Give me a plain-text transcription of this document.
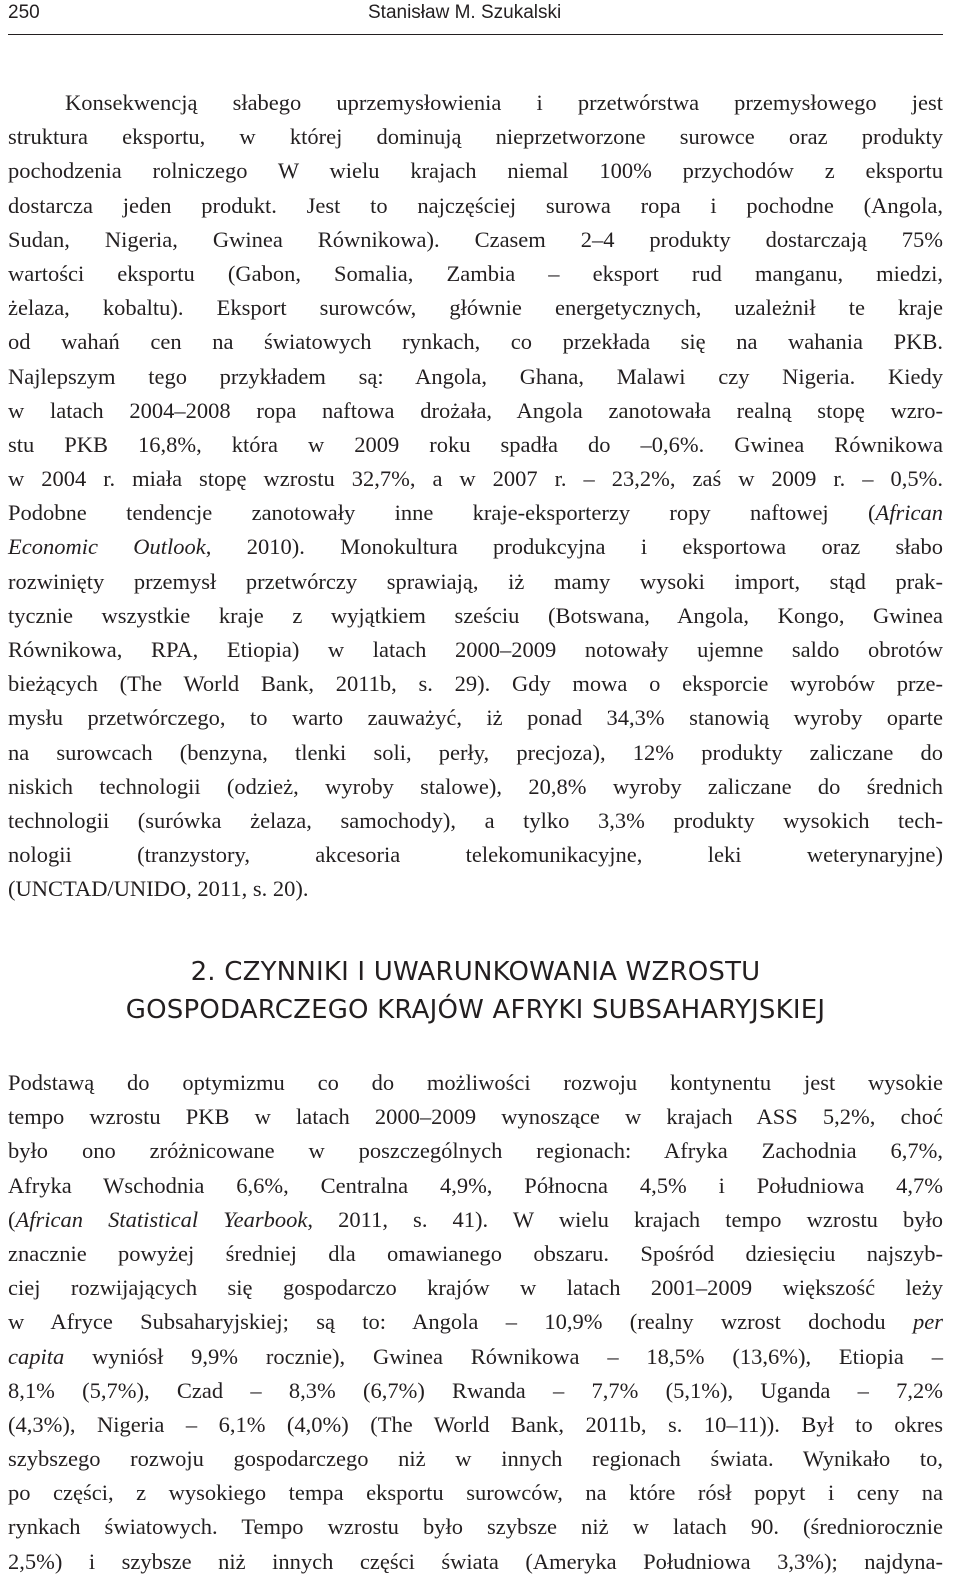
250	Stanisław M. Szukalski

Konsekwencją słabego uprzemysłowienia i przetwórstwa przemysłowego jest
struktura eksportu, w której dominują nieprzetworzone surowce oraz produkty
pochodzenia rolniczego W wielu krajach niemal 100% przychodów z eksportu
dostarcza jeden produkt. Jest to najczęściej surowa ropa i pochodne (Angola,
Sudan, Nigeria, Gwinea Równikowa). Czasem 2–4 produkty dostarczają 75%
wartości eksportu (Gabon, Somalia, Zambia – eksport rud manganu, miedzi,
żelaza, kobaltu). Eksport surowców, głównie energetycznych, uzależnił te kraje
od wahań cen na światowych rynkach, co przekłada się na wahania PKB.
Najlepszym tego przykładem są: Angola, Ghana, Malawi czy Nigeria. Kiedy
w latach 2004–2008 ropa naftowa drożała, Angola zanotowała realną stopę wzro-
stu PKB 16,8%, która w 2009 roku spadła do –0,6%. Gwinea Równikowa
w 2004 r. miała stopę wzrostu 32,7%, a w 2007 r. – 23,2%, zaś w 2009 r. – 0,5%.
Podobne tendencje zanotowały inne kraje-eksporterzy ropy naftowej (African
Economic Outlook, 2010). Monokultura produkcyjna i eksportowa oraz słabo
rozwinięty przemysł przetwórczy sprawiają, iż mamy wysoki import, stąd prak-
tycznie wszystkie kraje z wyjątkiem sześciu (Botswana, Angola, Kongo, Gwinea
Równikowa, RPA, Etiopia) w latach 2000–2009 notowały ujemne saldo obrotów
bieżących (The World Bank, 2011b, s. 29). Gdy mowa o eksporcie wyrobów prze-
mysłu przetwórczego, to warto zauważyć, iż ponad 34,3% stanowią wyroby oparte
na surowcach (benzyna, tlenki soli, perły, precjoza), 12% produkty zaliczane do
niskich technologii (odzież, wyroby stalowe), 20,8% wyroby zaliczane do średnich
technologii (surówka żelaza, samochody), a tylko 3,3% produkty wysokich tech-
nologii (tranzystory, akcesoria telekomunikacyjne, leki weterynaryjne)
(UNCTAD/UNIDO, 2011, s. 20).

2. CZYNNIKI I UWARUNKOWANIA WZROSTU
GOSPODARCZEGO KRAJÓW AFRYKI SUBSAHARYJSKIEJ

Podstawą do optymizmu co do możliwości rozwoju kontynentu jest wysokie
tempo wzrostu PKB w latach 2000–2009 wynoszące w krajach ASS 5,2%, choć
było ono zróżnicowane w poszczególnych regionach: Afryka Zachodnia 6,7%,
Afryka Wschodnia 6,6%, Centralna 4,9%, Północna 4,5% i Południowa 4,7%
(African Statistical Yearbook, 2011, s. 41). W wielu krajach tempo wzrostu było
znacznie powyżej średniej dla omawianego obszaru. Spośród dziesięciu najszyb-
ciej rozwijających się gospodarczo krajów w latach 2001–2009 większość leży
w Afryce Subsaharyjskiej; są to: Angola – 10,9% (realny wzrost dochodu per
capita wyniósł 9,9% rocznie), Gwinea Równikowa – 18,5% (13,6%), Etiopia –
8,1% (5,7%), Czad – 8,3% (6,7%) Rwanda – 7,7% (5,1%), Uganda – 7,2%
(4,3%), Nigeria – 6,1% (4,0%) (The World Bank, 2011b, s. 10–11)). Był to okres
szybszego rozwoju gospodarczego niż w innych regionach świata. Wynikało to,
po części, z wysokiego tempa eksportu surowców, na które rósł popyt i ceny na
rynkach światowych. Tempo wzrostu było szybsze niż w latach 90. (średniorocznie
2,5%) i szybsze niż innych części świata (Ameryka Południowa 3,3%); najdyna-
